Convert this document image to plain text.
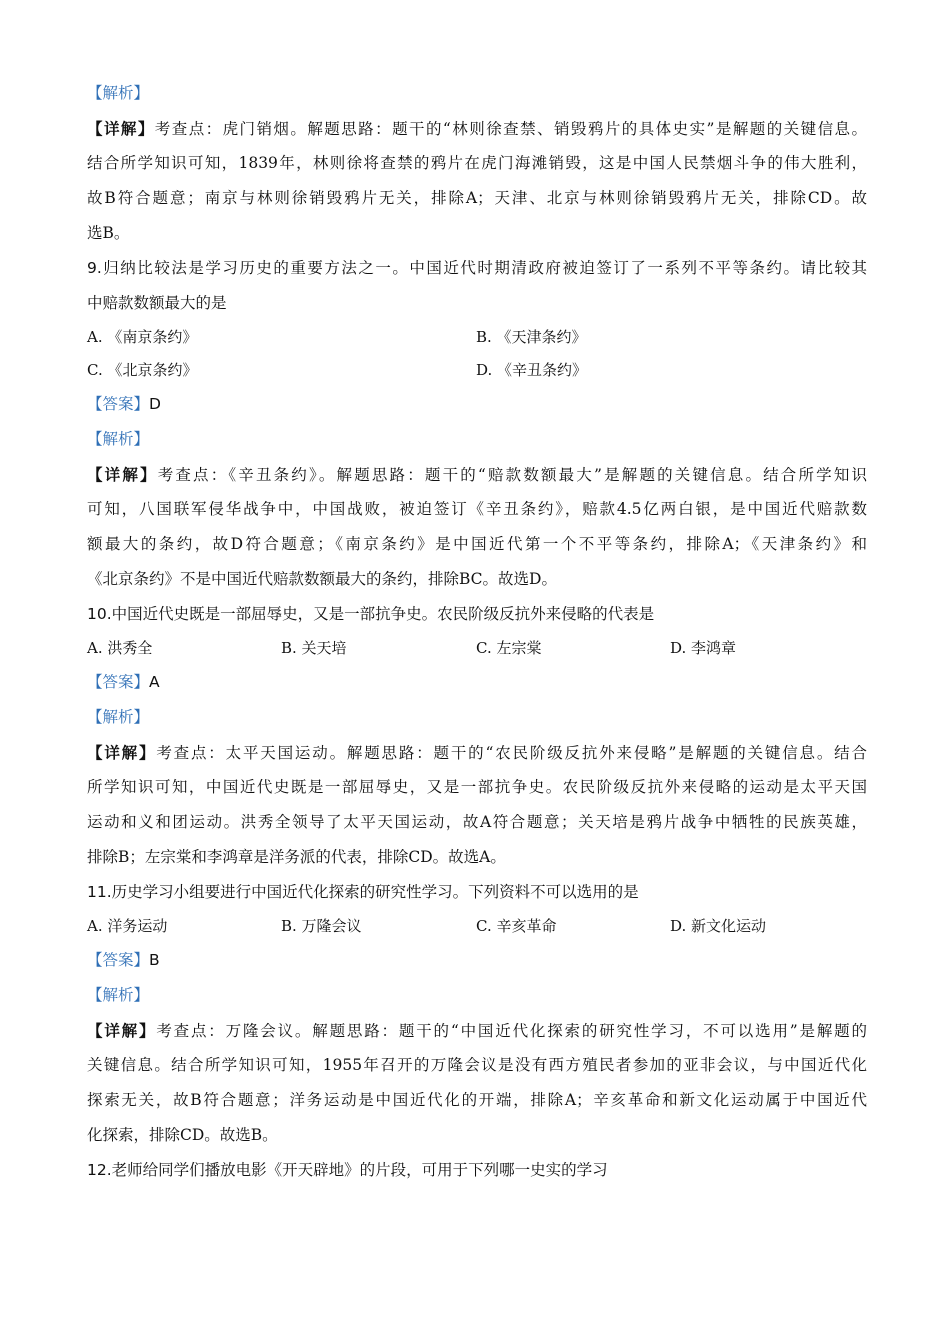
【解析】
【详解】考查点：虎门销烟。解题思路：题干的“林则徐查禁、销毁鸦片的具体史实”是解题的关键信息。
结合所学知识可知，1839年，林则徐将查禁的鸦片在虎门海滩销毁，这是中国人民禁烟斗争的伟大胜利，
故B符合题意；南京与林则徐销毁鸦片无关，排除A；天津、北京与林则徐销毁鸦片无关，排除CD。故
选B。
9.归纳比较法是学习历史的重要方法之一。中国近代时期清政府被迫签订了一系列不平等条约。请比较其
中赔款数额最大的是
A. 《南京条约》	B. 《天津条约》
C. 《北京条约》	D. 《辛丑条约》
【答案】D
【解析】
【详解】考查点：《辛丑条约》。解题思路：题干的“赔款数额最大”是解题的关键信息。结合所学知识
可知，八国联军侵华战争中，中国战败，被迫签订《辛丑条约》，赔款4.5亿两白银，是中国近代赔款数
额最大的条约，故D符合题意；《南京条约》是中国近代第一个不平等条约，排除A；《天津条约》和
《北京条约》不是中国近代赔款数额最大的条约，排除BC。故选D。
10.中国近代史既是一部屈辱史，又是一部抗争史。农民阶级反抗外来侵略的代表是
A. 洪秀全	B. 关天培	C. 左宗棠	D. 李鸿章
【答案】A
【解析】
【详解】考查点：太平天国运动。解题思路：题干的“农民阶级反抗外来侵略”是解题的关键信息。结合
所学知识可知，中国近代史既是一部屈辱史，又是一部抗争史。农民阶级反抗外来侵略的运动是太平天国
运动和义和团运动。洪秀全领导了太平天国运动，故A符合题意；关天培是鸦片战争中牺牲的民族英雄，
排除B；左宗棠和李鸿章是洋务派的代表，排除CD。故选A。
11.历史学习小组要进行中国近代化探索的研究性学习。下列资料不可以选用的是
A. 洋务运动	B. 万隆会议	C. 辛亥革命	D. 新文化运动
【答案】B
【解析】
【详解】考查点：万隆会议。解题思路：题干的“中国近代化探索的研究性学习，不可以选用”是解题的
关键信息。结合所学知识可知，1955年召开的万隆会议是没有西方殖民者参加的亚非会议，与中国近代化
探索无关，故B符合题意；洋务运动是中国近代化的开端，排除A；辛亥革命和新文化运动属于中国近代
化探索，排除CD。故选B。
12.老师给同学们播放电影《开天辟地》的片段，可用于下列哪一史实的学习
